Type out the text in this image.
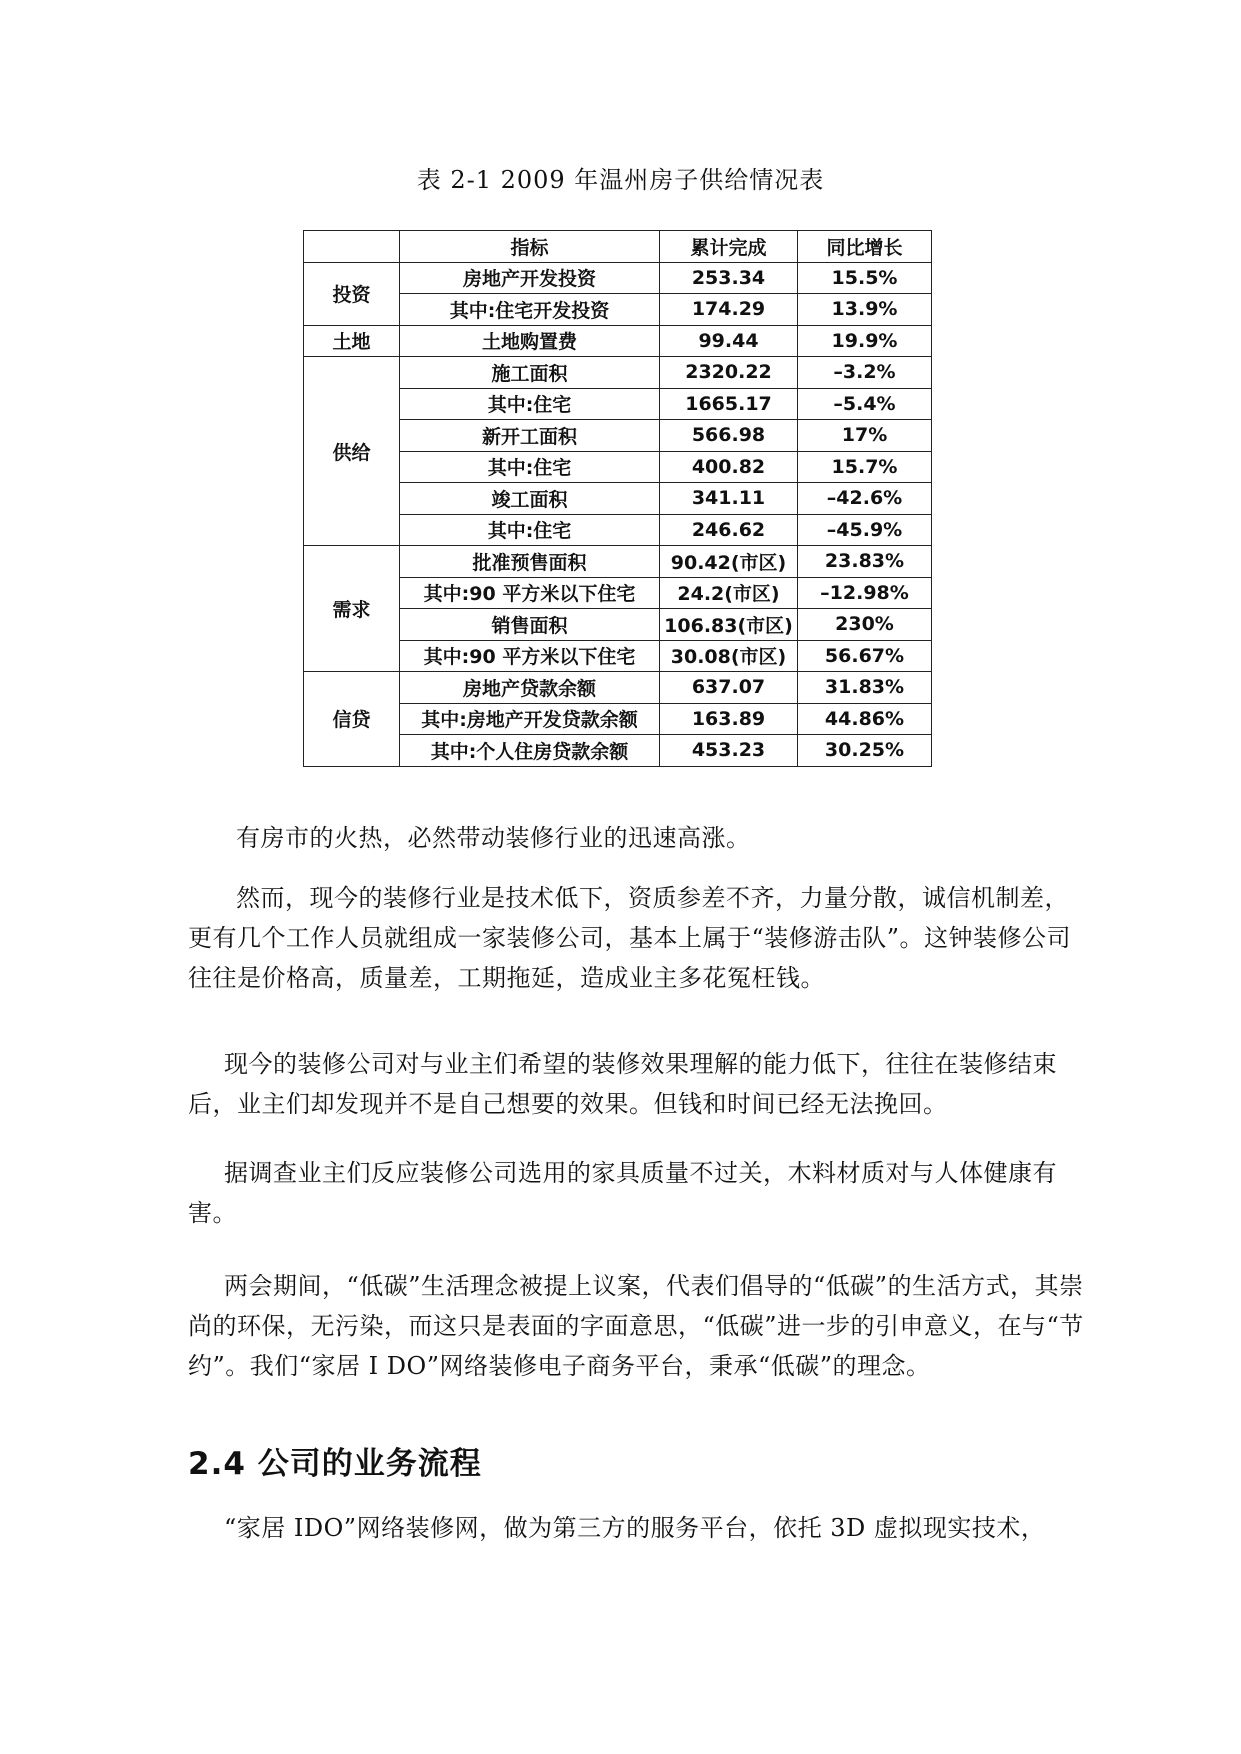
表 2-1 2009 年温州房子供给情况表
	指标	累计完成	同比增长
投资	房地产开发投资	253.34	15.5%
	其中:住宅开发投资	174.29	13.9%
土地	土地购置费	99.44	19.9%
供给	施工面积	2320.22	–3.2%
	其中:住宅	1665.17	–5.4%
	新开工面积	566.98	17%
	其中:住宅	400.82	15.7%
	竣工面积	341.11	–42.6%
	其中:住宅	246.62	–45.9%
需求	批准预售面积	90.42(市区)	23.83%
	其中:90 平方米以下住宅	24.2(市区)	–12.98%
	销售面积	106.83(市区)	230%
	其中:90 平方米以下住宅	30.08(市区)	56.67%
信贷	房地产贷款余额	637.07	31.83%
	其中:房地产开发贷款余额	163.89	44.86%
	其中:个人住房贷款余额	453.23	30.25%

有房市的火热，必然带动装修行业的迅速高涨。

然而，现今的装修行业是技术低下，资质参差不齐，力量分散，诚信机制差，更有几个工作人员就组成一家装修公司，基本上属于“装修游击队”。这钟装修公司往往是价格高，质量差，工期拖延，造成业主多花冤枉钱。

现今的装修公司对与业主们希望的装修效果理解的能力低下，往往在装修结束后，业主们却发现并不是自己想要的效果。但钱和时间已经无法挽回。

据调查业主们反应装修公司选用的家具质量不过关，木料材质对与人体健康有害。

两会期间，“低碳”生活理念被提上议案，代表们倡导的“低碳”的生活方式，其崇尚的环保，无污染，而这只是表面的字面意思，“低碳”进一步的引申意义，在与“节约”。我们“家居 I DO”网络装修电子商务平台，秉承“低碳”的理念。

2.4 公司的业务流程

“家居 IDO”网络装修网，做为第三方的服务平台，依托 3D 虚拟现实技术，
